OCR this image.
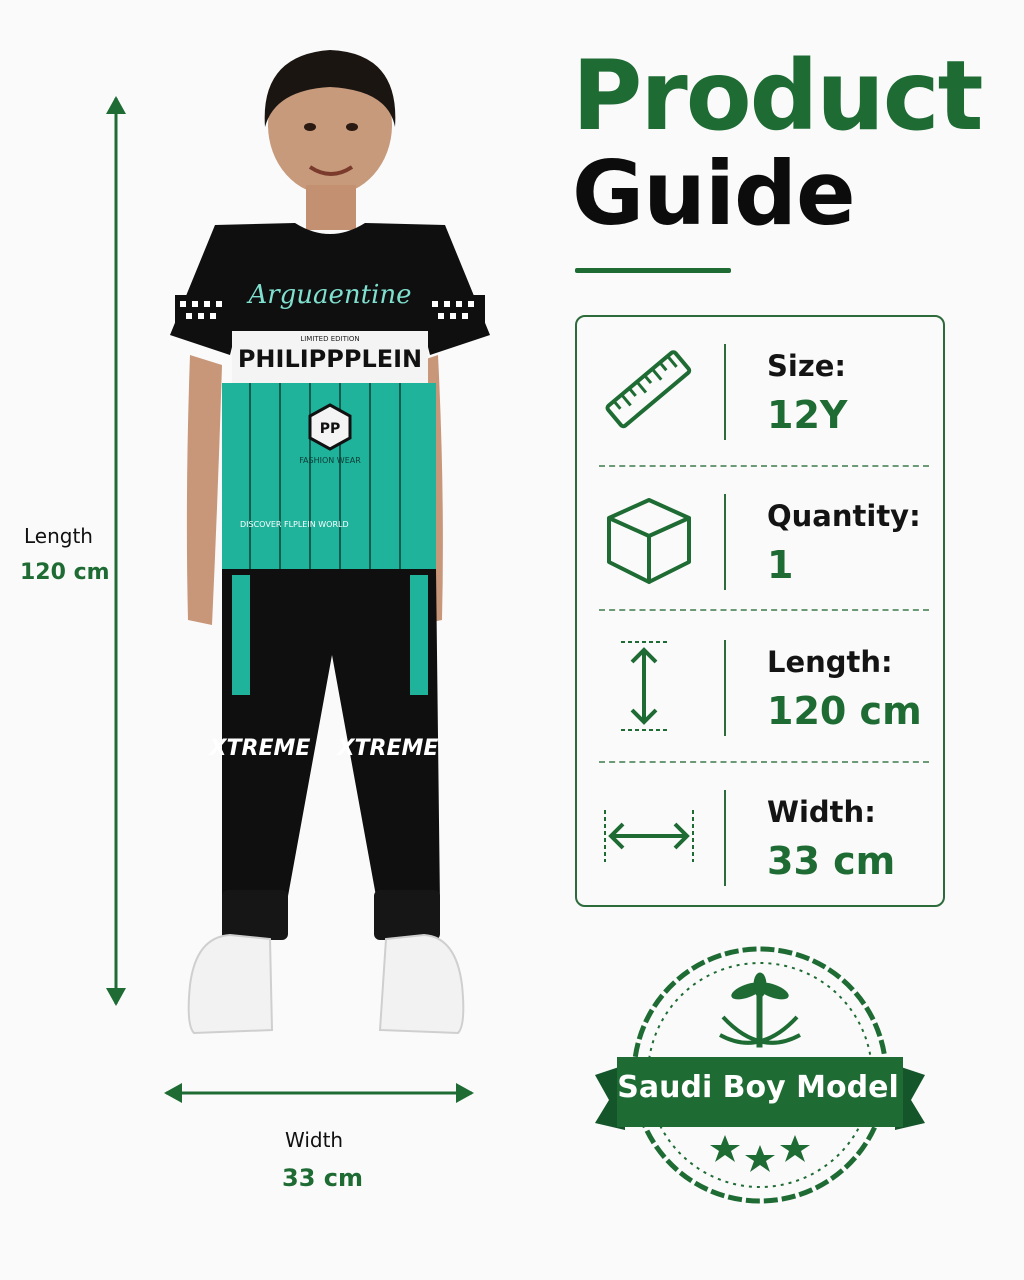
Product
Guide
Size:
12Y
Quantity:
1
Length:
120 cm
Width:
33 cm
Length
120 cm
Width
33 cm
Arguaentine
LIMITED EDITION
PHILIPPPLEIN
PP
FASHION WEAR
DISCOVER FLPLEIN WORLD
XTREME XTREME
Saudi Boy Model
